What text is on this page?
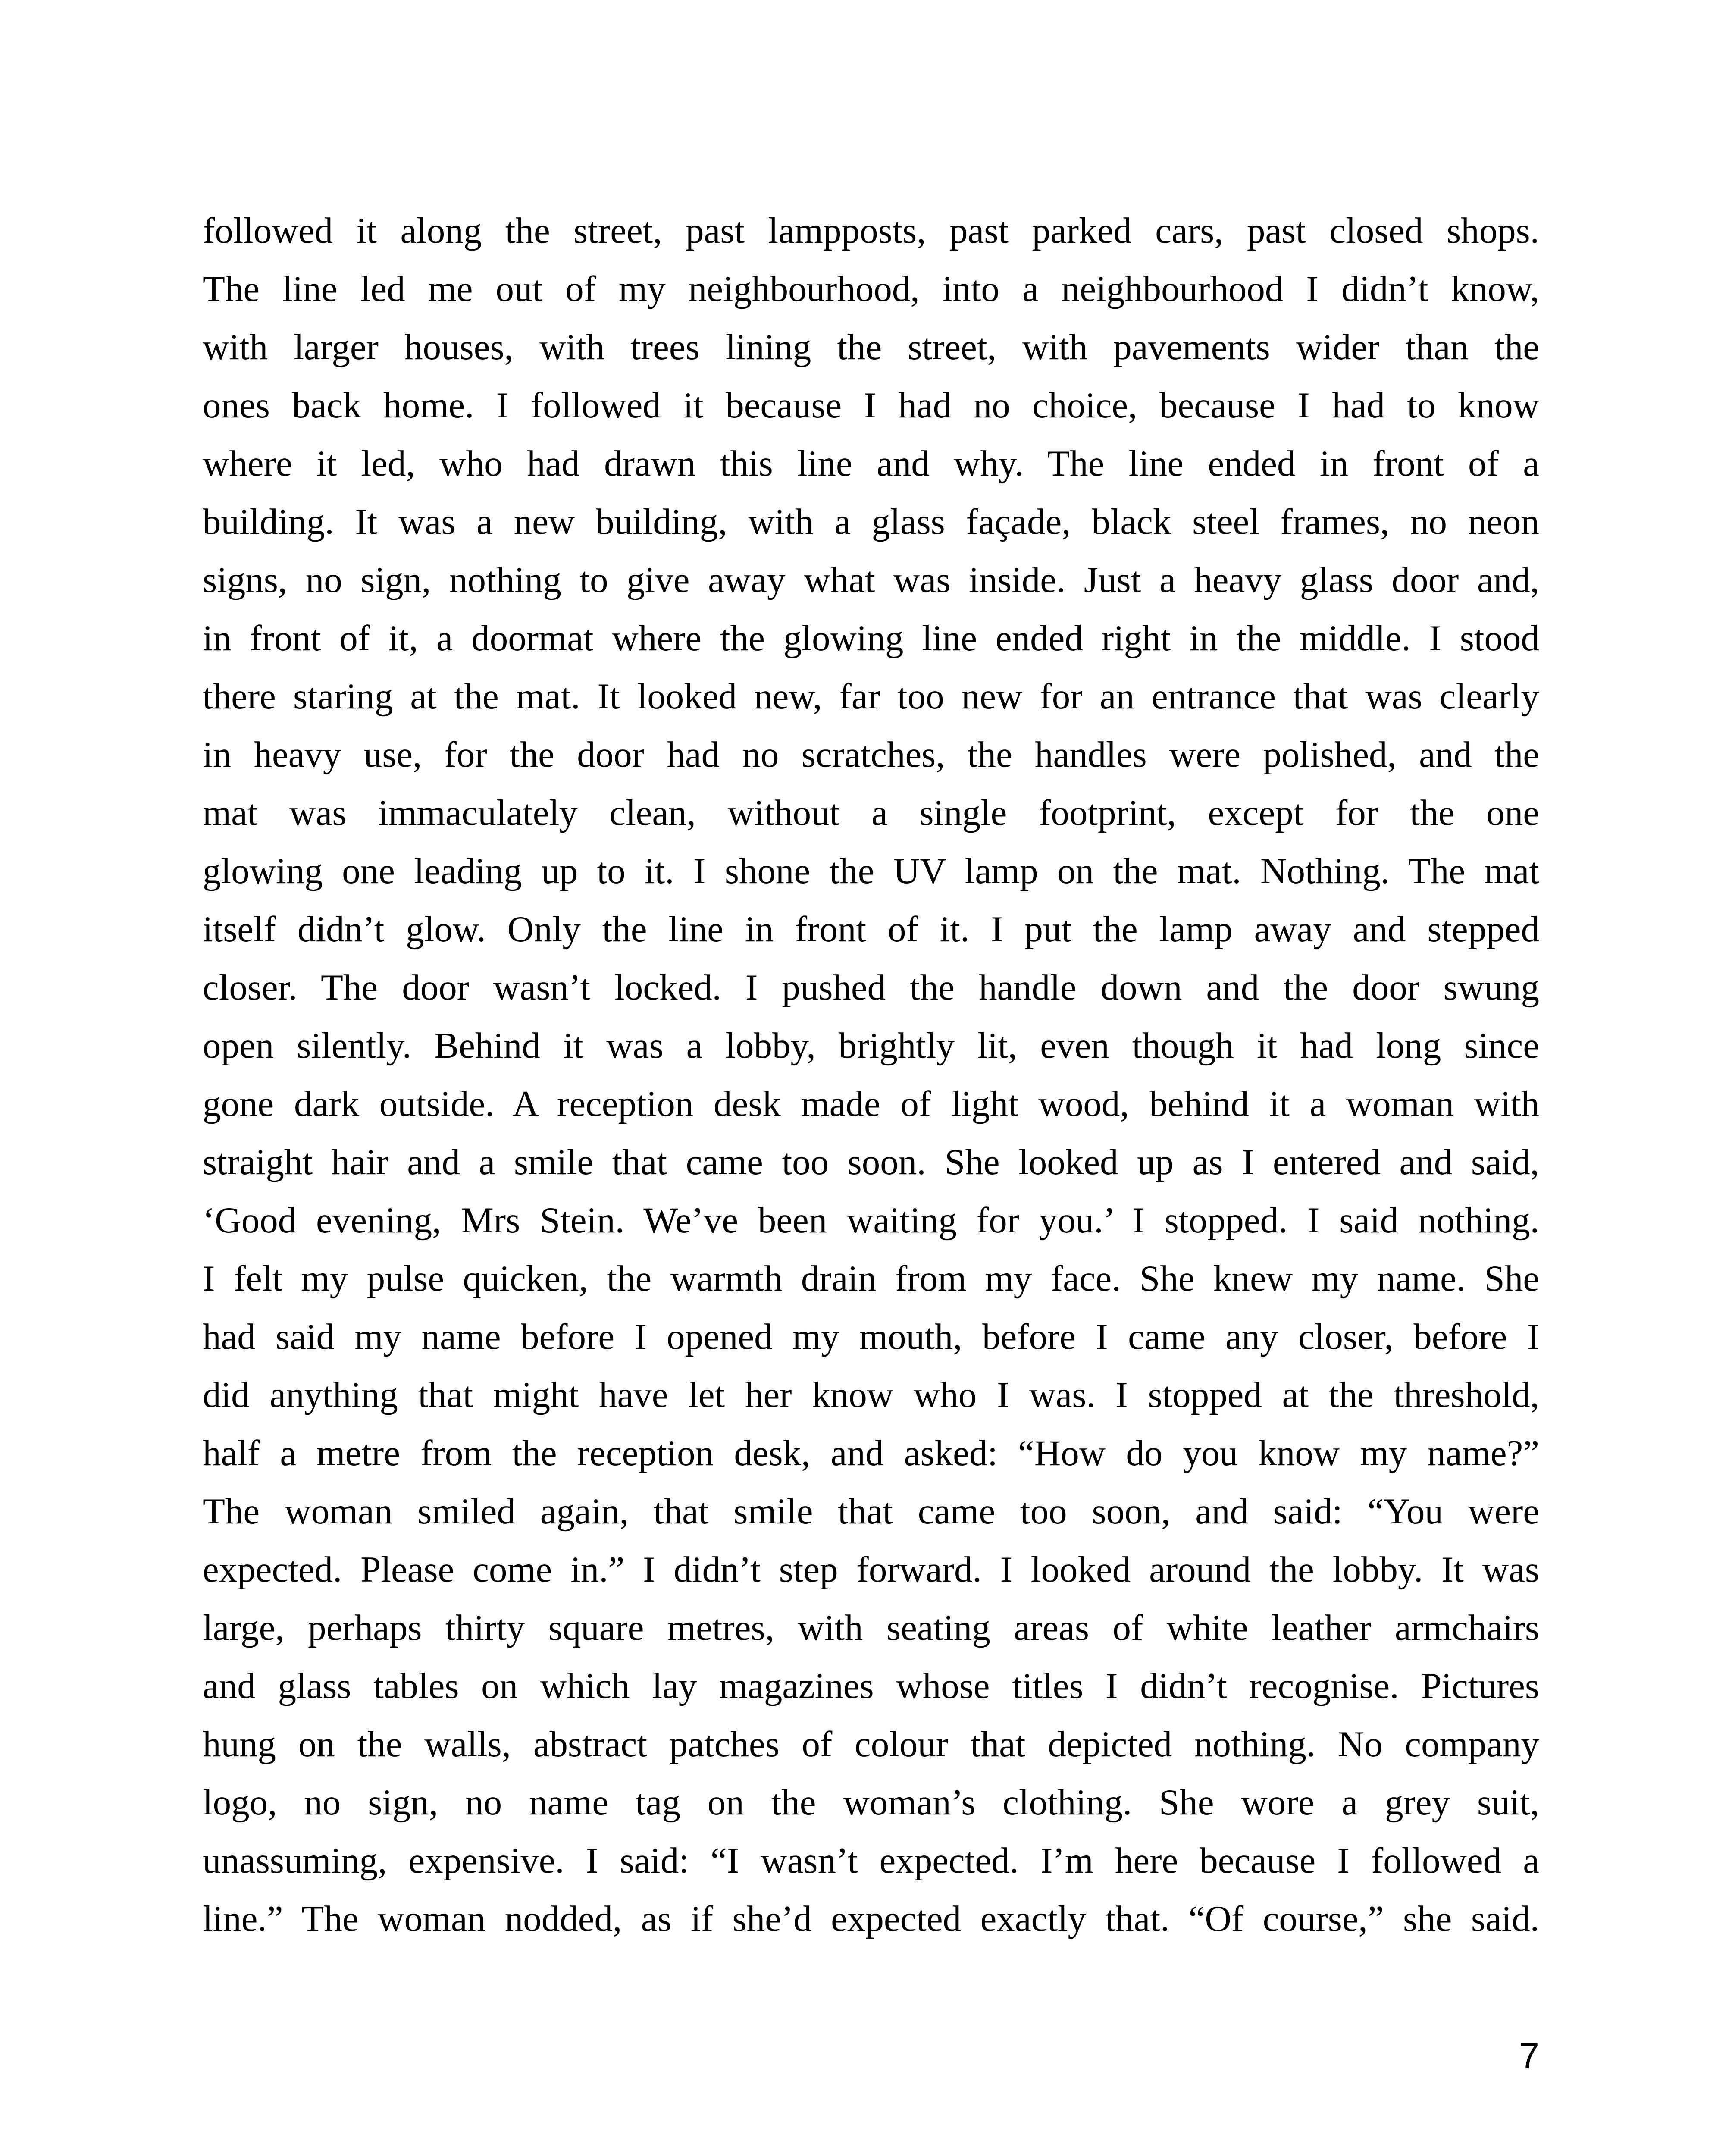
followed it along the street, past lampposts, past parked cars, past closed shops.
The line led me out of my neighbourhood, into a neighbourhood I didn’t know,
with larger houses, with trees lining the street, with pavements wider than the
ones back home. I followed it because I had no choice, because I had to know
where it led, who had drawn this line and why. The line ended in front of a
building. It was a new building, with a glass façade, black steel frames, no neon
signs, no sign, nothing to give away what was inside. Just a heavy glass door and,
in front of it, a doormat where the glowing line ended right in the middle. I stood
there staring at the mat. It looked new, far too new for an entrance that was clearly
in heavy use, for the door had no scratches, the handles were polished, and the
mat was immaculately clean, without a single footprint, except for the one
glowing one leading up to it. I shone the UV lamp on the mat. Nothing. The mat
itself didn’t glow. Only the line in front of it. I put the lamp away and stepped
closer. The door wasn’t locked. I pushed the handle down and the door swung
open silently. Behind it was a lobby, brightly lit, even though it had long since
gone dark outside. A reception desk made of light wood, behind it a woman with
straight hair and a smile that came too soon. She looked up as I entered and said,
‘Good evening, Mrs Stein. We’ve been waiting for you.’ I stopped. I said nothing.
I felt my pulse quicken, the warmth drain from my face. She knew my name. She
had said my name before I opened my mouth, before I came any closer, before I
did anything that might have let her know who I was. I stopped at the threshold,
half a metre from the reception desk, and asked: “How do you know my name?”
The woman smiled again, that smile that came too soon, and said: “You were
expected. Please come in.” I didn’t step forward. I looked around the lobby. It was
large, perhaps thirty square metres, with seating areas of white leather armchairs
and glass tables on which lay magazines whose titles I didn’t recognise. Pictures
hung on the walls, abstract patches of colour that depicted nothing. No company
logo, no sign, no name tag on the woman’s clothing. She wore a grey suit,
unassuming, expensive. I said: “I wasn’t expected. I’m here because I followed a
line.” The woman nodded, as if she’d expected exactly that. “Of course,” she said.
7
